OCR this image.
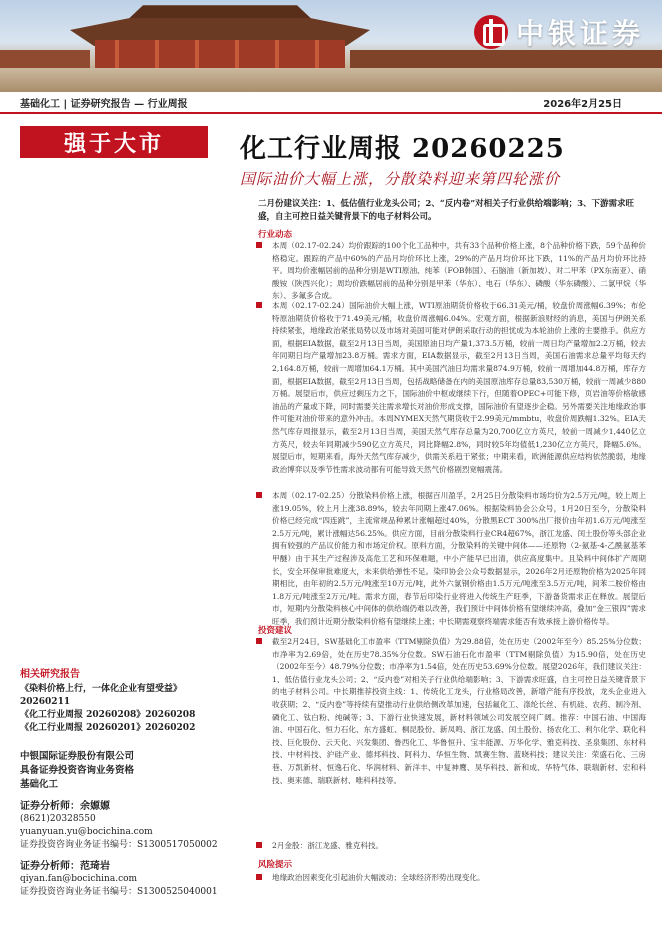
中银证券
基础化工 | 证券研究报告 — 行业周报	2026年2月25日
强于大市
相关研究报告
《染料价格上行，一体化企业有望受益》 20260211
《化工行业周报 20260208》20260208
《化工行业周报 20260201》20260202
中银国际证券股份有限公司
具备证券投资咨询业务资格
基础化工
证券分析师：余嫄嫄
(8621)20328550
yuanyuan.yu@bocichina.com
证券投资咨询业务证书编号：S1300517050002
证券分析师：范琦岩
qiyan.fan@bocichina.com
证券投资咨询业务证书编号：S1300525040001
化工行业周报 20260225
国际油价大幅上涨，分散染料迎来第四轮涨价
二月份建议关注：1、低估值行业龙头公司；2、“反内卷”对相关子行业供给端影响；3、下游需求旺盛，自主可控日益关键背景下的电子材料公司。
行业动态
本周（02.17-02.24）均价跟踪的100个化工品种中，共有33个品种价格上涨，8个品种价格下跌，59个品种价格稳定。跟踪的产品中60%的产品月均价环比上涨，29%的产品月均价环比下跌，11%的产品月均价环比持平。周均价涨幅居前的品种分别是WTI原油、纯苯（FOB韩国）、石脑油（新加坡）、对二甲苯（PX东南亚）、硝酸铵（陕西兴化）；周均价跌幅居前的品种分别是甲苯（华东）、电石（华东）、磷酸（华东磷酸）、二氯甲烷（华东）、多氟多合成。
本周（02.17-02.24）国际油价大幅上涨，WTI原油期货价格收于66.31美元/桶，较盘价周涨幅6.39%；布伦特原油期货价格收于71.49美元/桶，收盘价周涨幅6.04%。宏观方面，根据新浪财经的消息，美国与伊朗关系持续紧张，地缘政治紧张局势以及市场对美国可能对伊朗采取行动的担忧成为本轮油价上涨的主要推手。供应方面，根据EIA数据，截至2月13日当周，美国原油日均产量1,373.5万桶，较前一周日均产量增加2.2万桶，较去年同期日均产量增加23.8万桶。需求方面，EIA数据显示，截至2月13日当周，美国石油需求总量平均每天约2,164.8万桶，较前一周增加64.1万桶。其中美国汽油日均需求量874.9万桶，较前一周增加44.8万桶，库存方面，根据EIA数据，截至2月13日当周，包括战略储备在内的美国原油库存总量83,530万桶，较前一周减少880万桶。展望后市，供应过剩压力之下，国际油价中枢或继续下行，但随着OPEC+可能下修，页岩油等价格敏感油品的产量或下降，同时需要关注需求增长对油价形成支撑，国际油价有望逐步企稳。另外需要关注地缘政治事件可能对油价带来的意外冲击。本周NYMEX天然气期货收于2.99美元/mmbtu，收盘价周跌幅1.32%。EIA天然气库存周报显示，截至2月13日当周，美国天然气库存总量为20,700亿立方英尺，较前一周减少1,440亿立方英尺，较去年同期减少590亿立方英尺，同比降幅2.8%，同时较5年均值低1,230亿立方英尺，降幅5.6%。展望后市，短期来看，海外天然气库存减少，供需关系趋于紧张；中期来看，欧洲能源供应结构依然脆弱，地缘政治博弈以及季节性需求波动都有可能导致天然气价格剧烈宽幅震荡。
本周（02.17-02.25）分散染料价格上涨，根据百川盈孚，2月25日分散染料市场均价为2.5万元/吨，较上周上涨19.05%，较上月上涨38.89%，较去年同期上涨47.06%。根据染料协会公众号，1月20日至今，分散染料价格已经完成“四连跳”，主流常规品种累计涨幅超过40%，分散黑ECT 300%出厂报价由年初1.6万元/吨涨至2.5万元/吨，累计涨幅达56.25%。供应方面，目前分散染料行业CR4超67%，浙江龙盛、闰土股份等头部企业拥有较强的产品议价能力和市场定价权。原料方面，分散染料的关键中间体——还原物（2-氨基-4-乙酰氨基苯甲醚）由于其生产过程涉及高危工艺和环保难题，中小产能早已出清，供应高度集中。且染料中间体扩产周期长，安全环保审批难度大，未来供给弹性不足。染印协会公众号数据显示，2026年2月还原物价格为2025年同期相比，由年初的2.5万元/吨涨至10万元/吨，此外六氯钢价格由1.5万元/吨涨至3.5万元/吨，间苯二胺价格由1.8万元/吨涨至2万元/吨。需求方面，春节后印染行业将进入传统生产旺季，下游备货需求正在释放。展望后市，短期内分散染料核心中间体的供给端仍难以改善，我们预计中间体价格有望继续冲高，叠加“金三银四”需求旺季，我们预计近期分散染料价格有望继续上涨；中长期需观察终端需求能否有效承接上游价格传导。
投资建议
截至2月24日，SW基础化工市盈率（TTM剔除负值）为29.88倍，处在历史（2002年至今）85.25%分位数；市净率为2.69倍，处在历史78.35%分位数。SW石油石化市盈率（TTM剔除负值）为15.90倍，处在历史（2002年至今）48.79%分位数；市净率为1.54倍，处在历史53.69%分位数。展望2026年，我们建议关注：1、低估值行业龙头公司；2、“反内卷”对相关子行业供给端影响；3、下游需求旺盛，自主可控日益关键背景下的电子材料公司。中长期推荐投资主线：1、传统化工龙头，行业格局改善，新增产能有序投放，龙头企业进入收获期；2、“反内卷”等持续有望推动行业供给侧改革加速，包括氟化工、涤纶长丝、有机硅、农药、制冷剂、磷化工、钛白粉、纯碱等；3、下游行业快速发展，新材料领域公司发展空间广阔。推荐：中国石油、中国海油、中国石化、恒力石化、东方盛虹、桐昆股份、新凤鸣、浙江龙盛、闰土股份、扬农化工、利尔化学、联化科技、巨化股份、云天化、兴发集团、鲁西化工、华鲁恒升、宝丰能源、万华化学、雅克科技、圣泉集团、东材科技、中材科技、沪硅产业、德邦科技、阿科力、华恒生物、凯赛生物、蓝晓科技；建议关注：荣盛石化、三房巷、万凯新材、恒逸石化、华润材料、新洋丰、中复神鹰、昊华科技、新和成、华特气体、联瑞新材、宏和科技、奥来德、瑞联新材、唯科科技等。
2月金股：浙江龙盛、雅克科技。
风险提示
地缘政治因素变化引起油价大幅波动；全球经济形势出现变化。
